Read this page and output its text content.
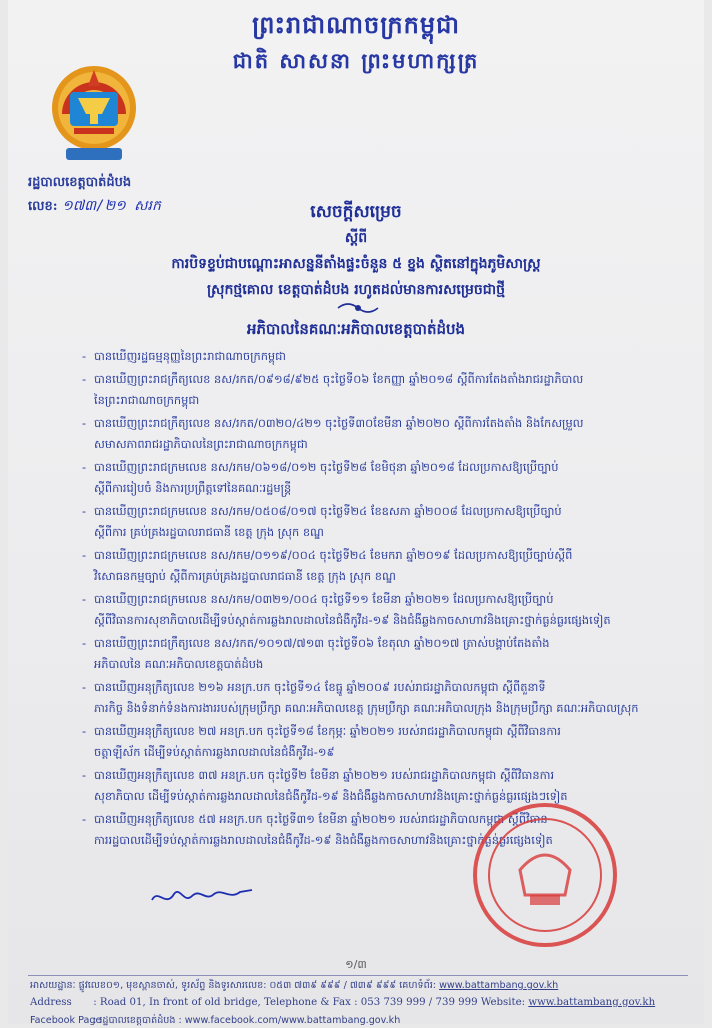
ព្រះរាជាណាចក្រកម្ពុជា
ជាតិ សាសនា ព្រះមហាក្សត្រ
រដ្ឋបាលខេត្តបាត់ដំបង
លេខ: ១៧៣/២១ សរក	សេចក្តីសម្រេច
ស្តីពី
ការបិទខ្ទប់ជាបណ្តោះអាសន្ននីតាំងផ្ទះចំនួន ៥ ខ្នង ស្ថិតនៅក្នុងភូមិសាស្រ្ត
ស្រុកថ្មគោល ខេត្តបាត់ដំបង រហូតដល់មានការសម្រេចជាថ្មី
អភិបាលនៃគណៈអភិបាលខេត្តបាត់ដំបង
- បានឃើញរដ្ឋធម្មនុញ្ញនៃព្រះរាជាណាចក្រកម្ពុជា
- បានឃើញព្រះរាជក្រឹត្យលេខ នស/រកត/០៩១៨/៩២៥ ចុះថ្ងៃទី០៦ ខែកញ្ញា ឆ្នាំ២០១៨ ស្តីពីការតែងតាំងរាជរដ្ឋាភិបាល
នៃព្រះរាជាណាចក្រកម្ពុជា
- បានឃើញព្រះរាជក្រឹត្យលេខ នស/រកត/០៣២០/៤២១ ចុះថ្ងៃទី៣០ខែមីនា ឆ្នាំ២០២០ ស្តីពីការតែងតាំង និងកែសម្រួល
សមាសភាពរាជរដ្ឋាភិបាលនៃព្រះរាជាណាចក្រកម្ពុជា
- បានឃើញព្រះរាជក្រមលេខ នស/រកម/០៦១៨/០១២ ចុះថ្ងៃទី២៨ ខែមិថុនា ឆ្នាំ២០១៨ ដែលប្រកាសឱ្យប្រើច្បាប់
ស្តីពីការរៀបចំ និងការប្រព្រឹត្តទៅនៃគណៈរដ្ឋមន្ត្រី
- បានឃើញព្រះរាជក្រមលេខ នស/រកម/០៥០៨/០១៧ ចុះថ្ងៃទី២៤ ខែឧសភា ឆ្នាំ២០០៨ ដែលប្រកាសឱ្យប្រើច្បាប់
ស្តីពីការ គ្រប់គ្រងរដ្ឋបាលរាជធានី ខេត្ត ក្រុង ស្រុក ខណ្ឌ
- បានឃើញព្រះរាជក្រមលេខ នស/រកម/០១១៩/០០៤ ចុះថ្ងៃទី២៤ ខែមករា ឆ្នាំ២០១៩ ដែលប្រកាសឱ្យប្រើច្បាប់ស្តីពី
វិសោធនកម្មច្បាប់ ស្តីពីការគ្រប់គ្រងរដ្ឋបាលរាជធានី ខេត្ត ក្រុង ស្រុក ខណ្ឌ
- បានឃើញព្រះរាជក្រមលេខ នស/រកម/០៣២១/០០៤ ចុះថ្ងៃទី១១ ខែមីនា ឆ្នាំ២០២១ ដែលប្រកាសឱ្យប្រើច្បាប់
ស្តីពីវិធានការសុខាភិបាលដើម្បីទប់ស្កាត់ការឆ្លងរាលដាលនៃជំងឺកូវីដ-១៩ និងជំងឺឆ្លងកាចសាហាវនិងគ្រោះថ្នាក់ធ្ងន់ធ្ងរផ្សេងទៀត
- បានឃើញព្រះរាជក្រឹត្យលេខ នស/រកត/១០១៧/៧១៣ ចុះថ្ងៃទី០៦ ខែតុលា ឆ្នាំ២០១៧ ត្រាស់បង្គាប់តែងតាំង
អភិបាលនៃ គណៈអភិបាលខេត្តបាត់ដំបង
- បានឃើញអនុក្រឹត្យលេខ ២១៦ អនក្រ.បក ចុះថ្ងៃទី១៤ ខែធ្នូ ឆ្នាំ២០០៩ របស់រាជរដ្ឋាភិបាលកម្ពុជា ស្តីពីតួនាទី
ភារកិច្ច និងទំនាក់ទំនងការងាររបស់ក្រុមប្រឹក្សា គណៈអភិបាលខេត្ត ក្រុមប្រឹក្សា គណៈអភិបាលក្រុង និងក្រុមប្រឹក្សា គណៈអភិបាលស្រុក
- បានឃើញអនុក្រឹត្យលេខ ២៧ អនក្រ.បក ចុះថ្ងៃទី១៨ ខែកុម្ភៈ ឆ្នាំ២០២១ របស់រាជរដ្ឋាភិបាលកម្ពុជា ស្តីពីវិធានការ
ចត្តាឡីស័ក ដើម្បីទប់ស្កាត់ការឆ្លងរាលដាលនៃជំងឺកូវីដ-១៩
- បានឃើញអនុក្រឹត្យលេខ ៣៧ អនក្រ.បក ចុះថ្ងៃទី២ ខែមីនា ឆ្នាំ២០២១ របស់រាជរដ្ឋាភិបាលកម្ពុជា ស្តីពីវិធានការ
សុខាភិបាល ដើម្បីទប់ស្កាត់ការឆ្លងរាលដាលនៃជំងឺកូវីដ-១៩ និងជំងឺឆ្លងកាចសាហាវនិងគ្រោះថ្នាក់ធ្ងន់ធ្ងរផ្សេងៗទៀត
- បានឃើញអនុក្រឹត្យលេខ ៥៧ អនក្រ.បក ចុះថ្ងៃទី៣១ ខែមីនា ឆ្នាំ២០២១ របស់រាជរដ្ឋាភិបាលកម្ពុជា ស្តីពីវិធាន
ការរដ្ឋបាលដើម្បីទប់ស្កាត់ការឆ្លងរាលដាលនៃជំងឺកូវីដ-១៩ និងជំងឺឆ្លងកាចសាហាវនិងគ្រោះថ្នាក់ធ្ងន់ធ្ងរផ្សេងទៀត
១/៣
អាសយដ្ឋានៈ ផ្លូវលេខ០១, មុខស្ពានចាស់, ទូរស័ព្ទ និងទូរសារលេខ: ០៥៣ ៧៣៩ ៩៩៩ / ៧៣៩ ៩៩៩ គេហទំព័រ: www.battambang.gov.kh
Address : Road 01, In front of old bridge, Telephone & Fax : 053 739 999 / 739 999 Website: www.battambang.gov.kh
Facebook Page : រដ្ឋបាលខេត្តបាត់ដំបង : www.facebook.com/www.battambang.gov.kh
